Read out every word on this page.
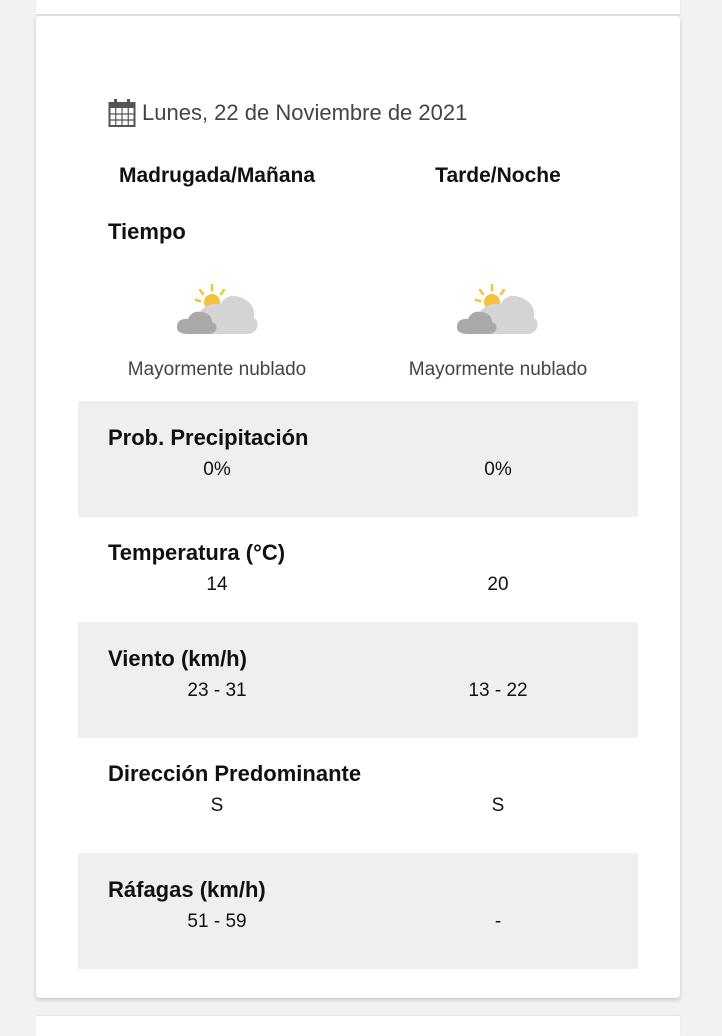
Lunes, 22 de Noviembre de 2021
Madrugada/Mañana	Tarde/Noche
Tiempo
Mayormente nublado	Mayormente nublado
Prob. Precipitación
0%	0%
Temperatura (°C)
14	20
Viento (km/h)
23 - 31	13 - 22
Dirección Predominante
S	S
Ráfagas (km/h)
51 - 59	-
